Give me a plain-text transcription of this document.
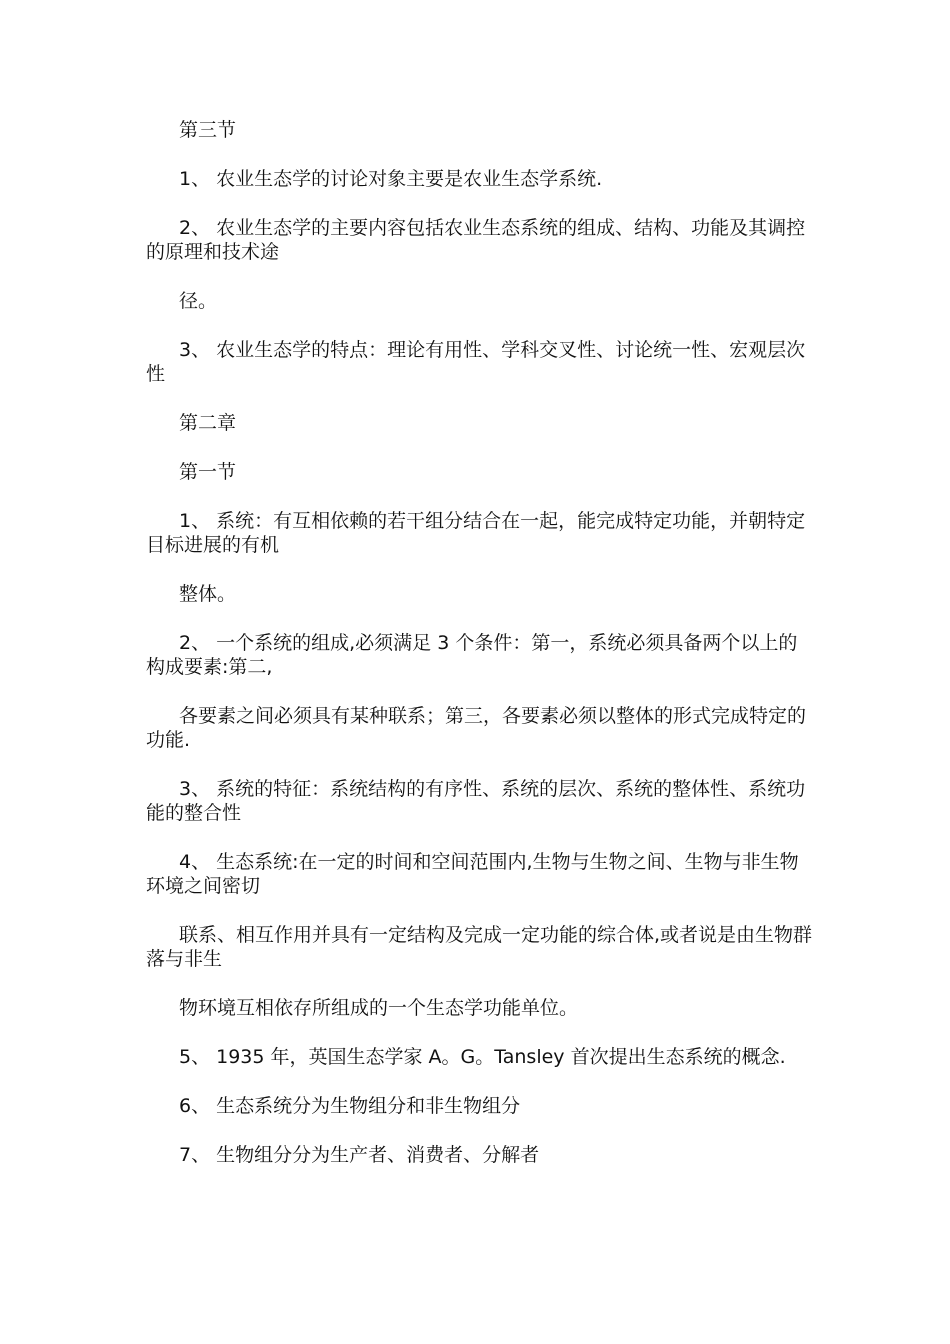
第三节

1、 农业生态学的讨论对象主要是农业生态学系统.

2、 农业生态学的主要内容包括农业生态系统的组成、结构、功能及其调控的原理和技术途

径。

3、 农业生态学的特点：理论有用性、学科交叉性、讨论统一性、宏观层次性

第二章

第一节

1、 系统：有互相依赖的若干组分结合在一起，能完成特定功能，并朝特定目标进展的有机

整体。

2、 一个系统的组成,必须满足 3 个条件：第一，系统必须具备两个以上的构成要素:第二,

各要素之间必须具有某种联系；第三，各要素必须以整体的形式完成特定的功能.

3、 系统的特征：系统结构的有序性、系统的层次、系统的整体性、系统功能的整合性

4、 生态系统:在一定的时间和空间范围内,生物与生物之间、生物与非生物环境之间密切

联系、相互作用并具有一定结构及完成一定功能的综合体,或者说是由生物群落与非生

物环境互相依存所组成的一个生态学功能单位。

5、 1935 年，英国生态学家 A。G。Tansley 首次提出生态系统的概念.

6、 生态系统分为生物组分和非生物组分

7、 生物组分分为生产者、消费者、分解者
